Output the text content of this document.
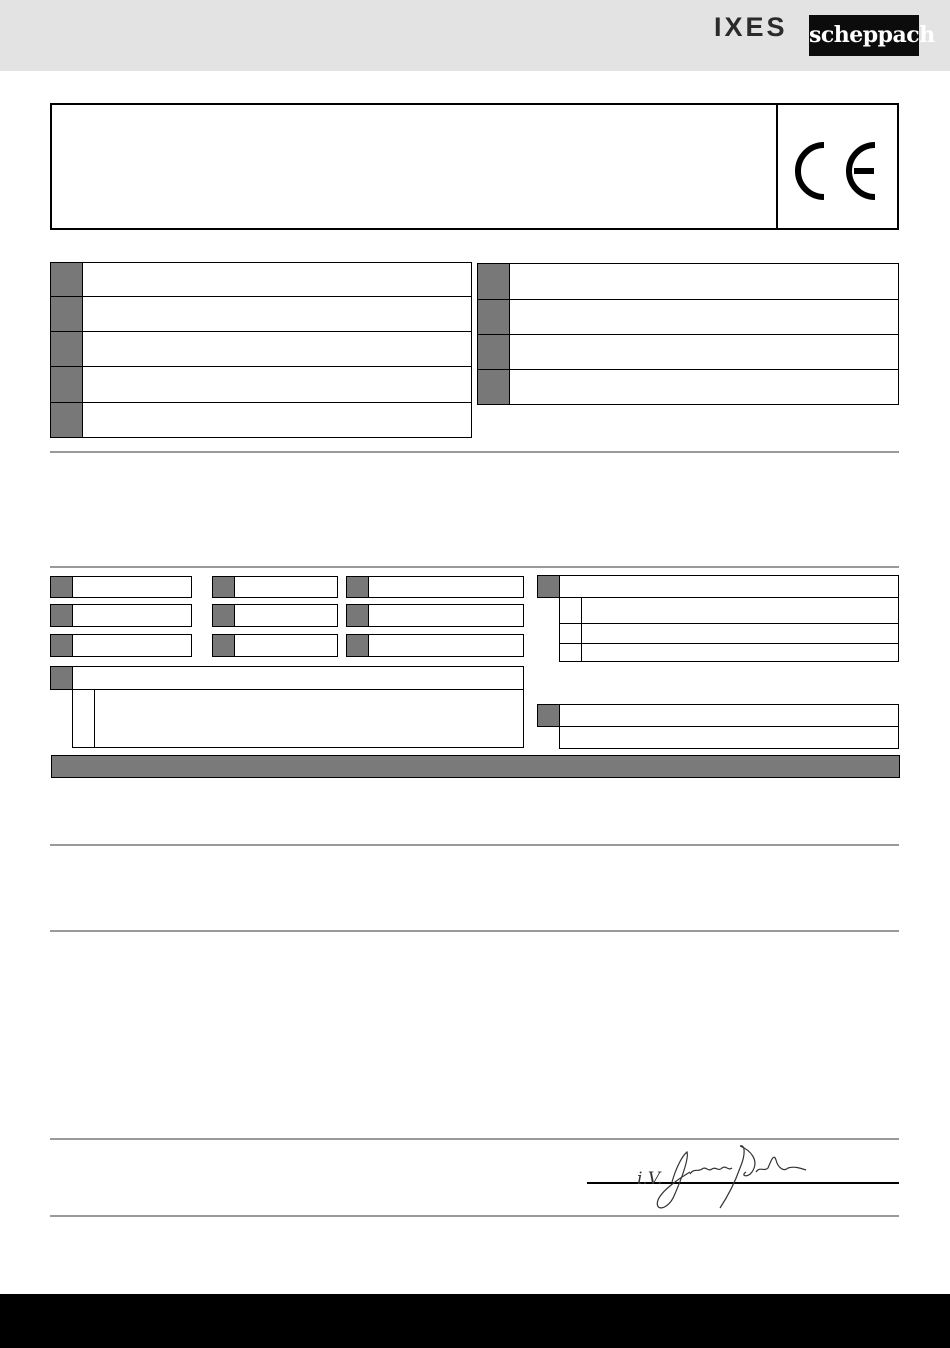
IXES scheppach
i.V.
